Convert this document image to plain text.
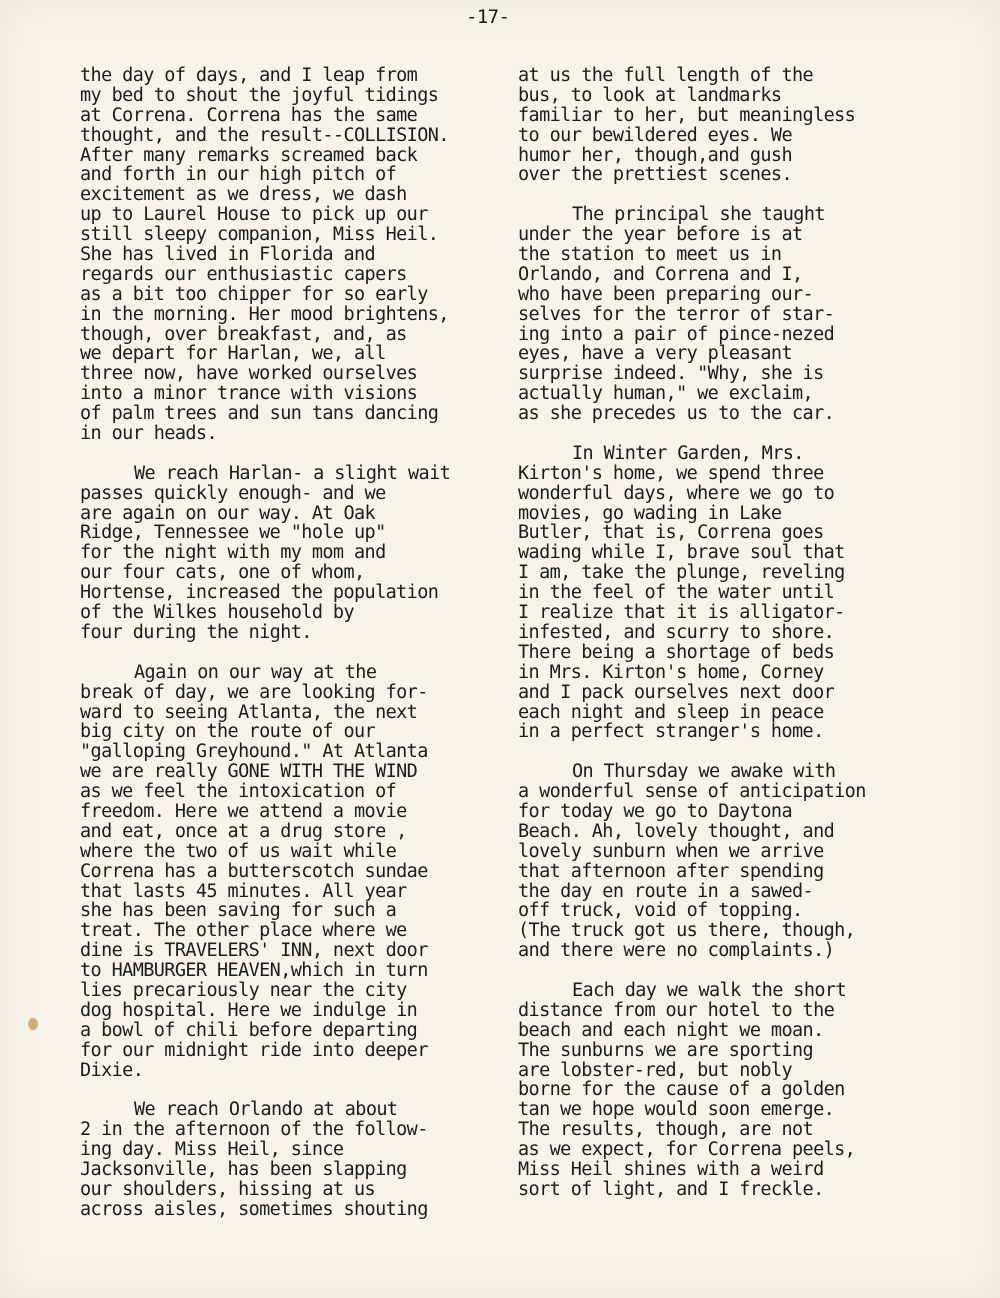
-17-

the day of days, and I leap from
my bed to shout the joyful tidings
at Correna. Correna has the same
thought, and the result--COLLISION.
After many remarks screamed back
and forth in our high pitch of
excitement as we dress, we dash
up to Laurel House to pick up our
still sleepy companion, Miss Heil.
She has lived in Florida and
regards our enthusiastic capers
as a bit too chipper for so early
in the morning. Her mood brightens,
though, over breakfast, and, as
we depart for Harlan, we, all
three now, have worked ourselves
into a minor trance with visions
of palm trees and sun tans dancing
in our heads.
We reach Harlan- a slight wait
passes quickly enough- and we
are again on our way. At Oak
Ridge, Tennessee we "hole up"
for the night with my mom and
our four cats, one of whom,
Hortense, increased the population
of the Wilkes household by
four during the night.
Again on our way at the
break of day, we are looking for-
ward to seeing Atlanta, the next
big city on the route of our
"galloping Greyhound." At Atlanta
we are really GONE WITH THE WIND
as we feel the intoxication of
freedom. Here we attend a movie
and eat, once at a drug store ,
where the two of us wait while
Correna has a butterscotch sundae
that lasts 45 minutes. All year
she has been saving for such a
treat. The other place where we
dine is TRAVELERS' INN, next door
to HAMBURGER HEAVEN,which in turn
lies precariously near the city
dog hospital. Here we indulge in
a bowl of chili before departing
for our midnight ride into deeper
Dixie.
We reach Orlando at about
2 in the afternoon of the follow-
ing day. Miss Heil, since
Jacksonville, has been slapping
our shoulders, hissing at us
across aisles, sometimes shouting
at us the full length of the
bus, to look at landmarks
familiar to her, but meaningless
to our bewildered eyes. We
humor her, though,and gush
over the prettiest scenes.
The principal she taught
under the year before is at
the station to meet us in
Orlando, and Correna and I,
who have been preparing our-
selves for the terror of star-
ing into a pair of pince-nezed
eyes, have a very pleasant
surprise indeed. "Why, she is
actually human," we exclaim,
as she precedes us to the car.
In Winter Garden, Mrs.
Kirton's home, we spend three
wonderful days, where we go to
movies, go wading in Lake
Butler, that is, Correna goes
wading while I, brave soul that
I am, take the plunge, reveling
in the feel of the water until
I realize that it is alligator-
infested, and scurry to shore.
There being a shortage of beds
in Mrs. Kirton's home, Corney
and I pack ourselves next door
each night and sleep in peace
in a perfect stranger's home.
On Thursday we awake with
a wonderful sense of anticipation
for today we go to Daytona
Beach. Ah, lovely thought, and
lovely sunburn when we arrive
that afternoon after spending
the day en route in a sawed-
off truck, void of topping.
(The truck got us there, though,
and there were no complaints.)
Each day we walk the short
distance from our hotel to the
beach and each night we moan.
The sunburns we are sporting
are lobster-red, but nobly
borne for the cause of a golden
tan we hope would soon emerge.
The results, though, are not
as we expect, for Correna peels,
Miss Heil shines with a weird
sort of light, and I freckle.
